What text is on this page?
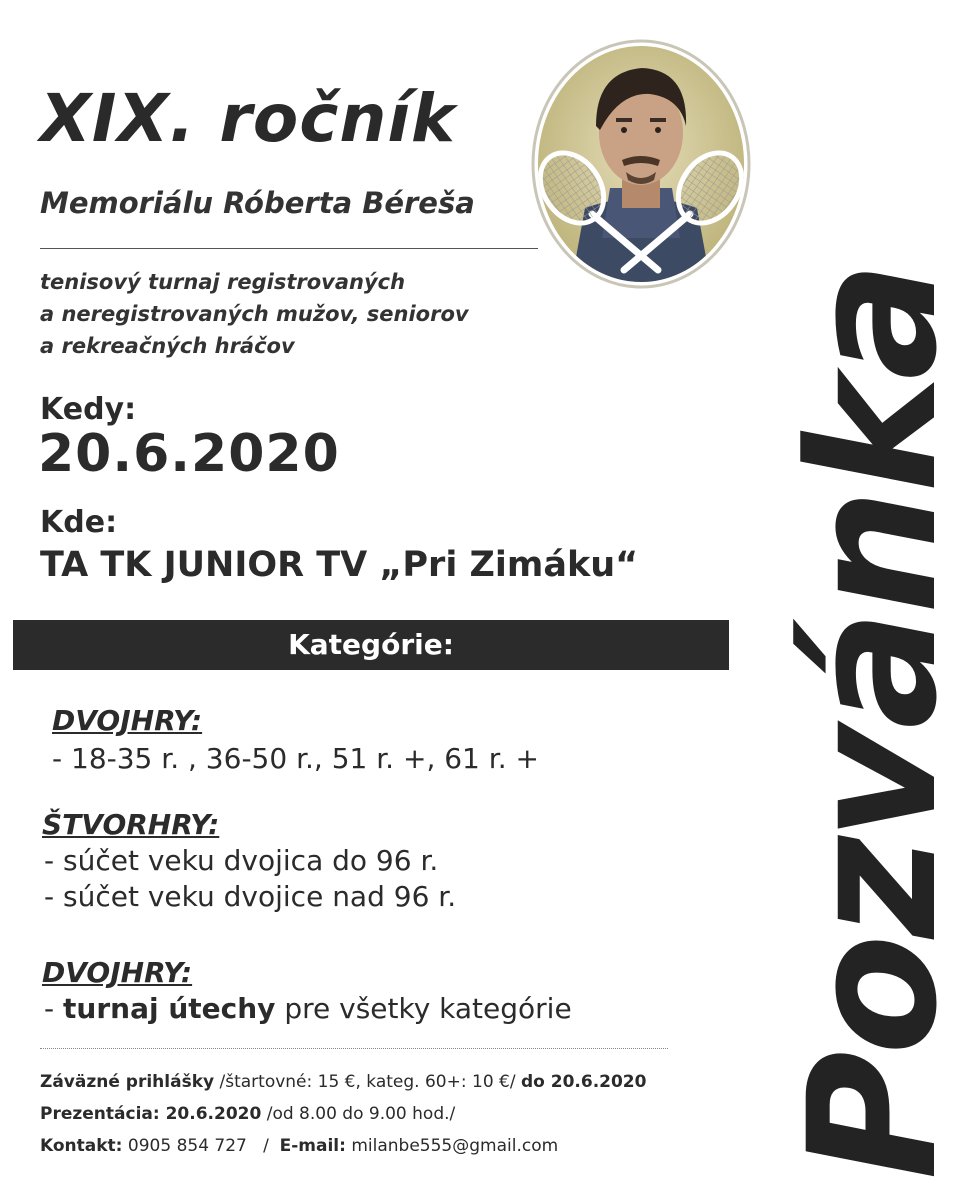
Pozvánka
XIX. ročník
Memoriálu Róberta Béreša
tenisový turnaj registrovaných
a neregistrovaných mužov, seniorov
a rekreačných hráčov
Kedy:
20.6.2020
Kde:
TA TK JUNIOR TV „Pri Zimáku“
Kategórie:
DVOJHRY:
- 18-35 r. , 36-50 r., 51 r. +, 61 r. +
ŠTVORHRY:
- súčet veku dvojica do 96 r.
- súčet veku dvojice nad 96 r.
DVOJHRY:
- turnaj útechy pre všetky kategórie
Záväzné prihlášky /štartovné: 15 €, kateg. 60+: 10 €/ do 20.6.2020
Prezentácia: 20.6.2020 /od 8.00 do 9.00 hod./
Kontakt: 0905 854 727   /  E-mail: milanbe555@gmail.com
